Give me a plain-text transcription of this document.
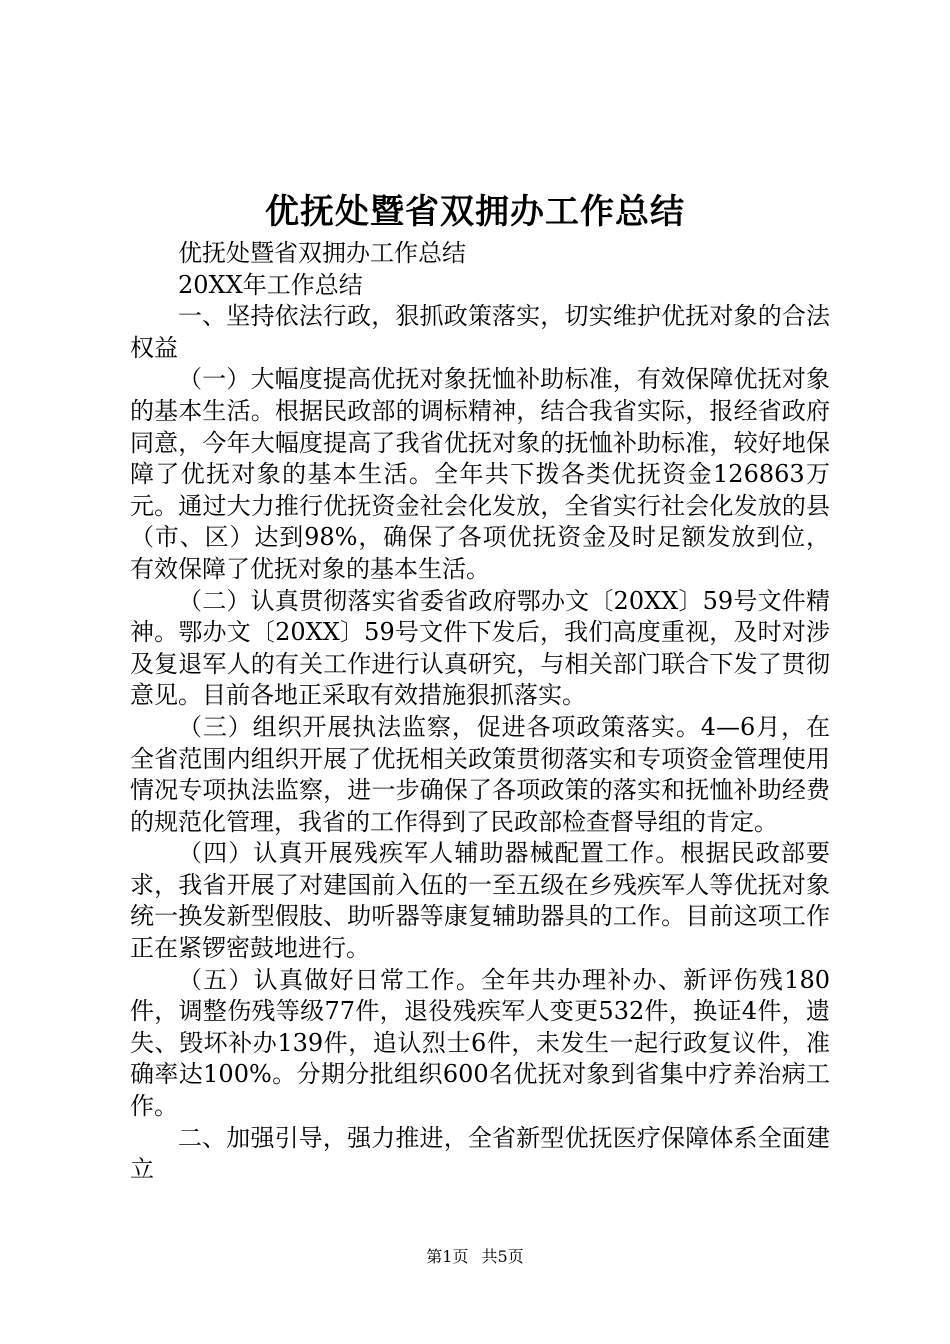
优抚处暨省双拥办工作总结

优抚处暨省双拥办工作总结

20XX年工作总结

一、坚持依法行政，狠抓政策落实，切实维护优抚对象的合法权益

（一）大幅度提高优抚对象抚恤补助标准，有效保障优抚对象的基本生活。根据民政部的调标精神，结合我省实际，报经省政府同意，今年大幅度提高了我省优抚对象的抚恤补助标准，较好地保障了优抚对象的基本生活。全年共下拨各类优抚资金126863万元。通过大力推行优抚资金社会化发放，全省实行社会化发放的县（市、区）达到98%，确保了各项优抚资金及时足额发放到位，有效保障了优抚对象的基本生活。

（二）认真贯彻落实省委省政府鄂办文〔20XX〕59号文件精神。鄂办文〔20XX〕59号文件下发后，我们高度重视，及时对涉及复退军人的有关工作进行认真研究，与相关部门联合下发了贯彻意见。目前各地正采取有效措施狠抓落实。

（三）组织开展执法监察，促进各项政策落实。4—6月，在全省范围内组织开展了优抚相关政策贯彻落实和专项资金管理使用情况专项执法监察，进一步确保了各项政策的落实和抚恤补助经费的规范化管理，我省的工作得到了民政部检查督导组的肯定。

（四）认真开展残疾军人辅助器械配置工作。根据民政部要求，我省开展了对建国前入伍的一至五级在乡残疾军人等优抚对象统一换发新型假肢、助听器等康复辅助器具的工作。目前这项工作正在紧锣密鼓地进行。

（五）认真做好日常工作。全年共办理补办、新评伤残180件，调整伤残等级77件，退役残疾军人变更532件，换证4件，遗失、毁坏补办139件，追认烈士6件，未发生一起行政复议件，准确率达100%。分期分批组织600名优抚对象到省集中疗养治病工作。

二、加强引导，强力推进，全省新型优抚医疗保障体系全面建立

第1页 共5页
